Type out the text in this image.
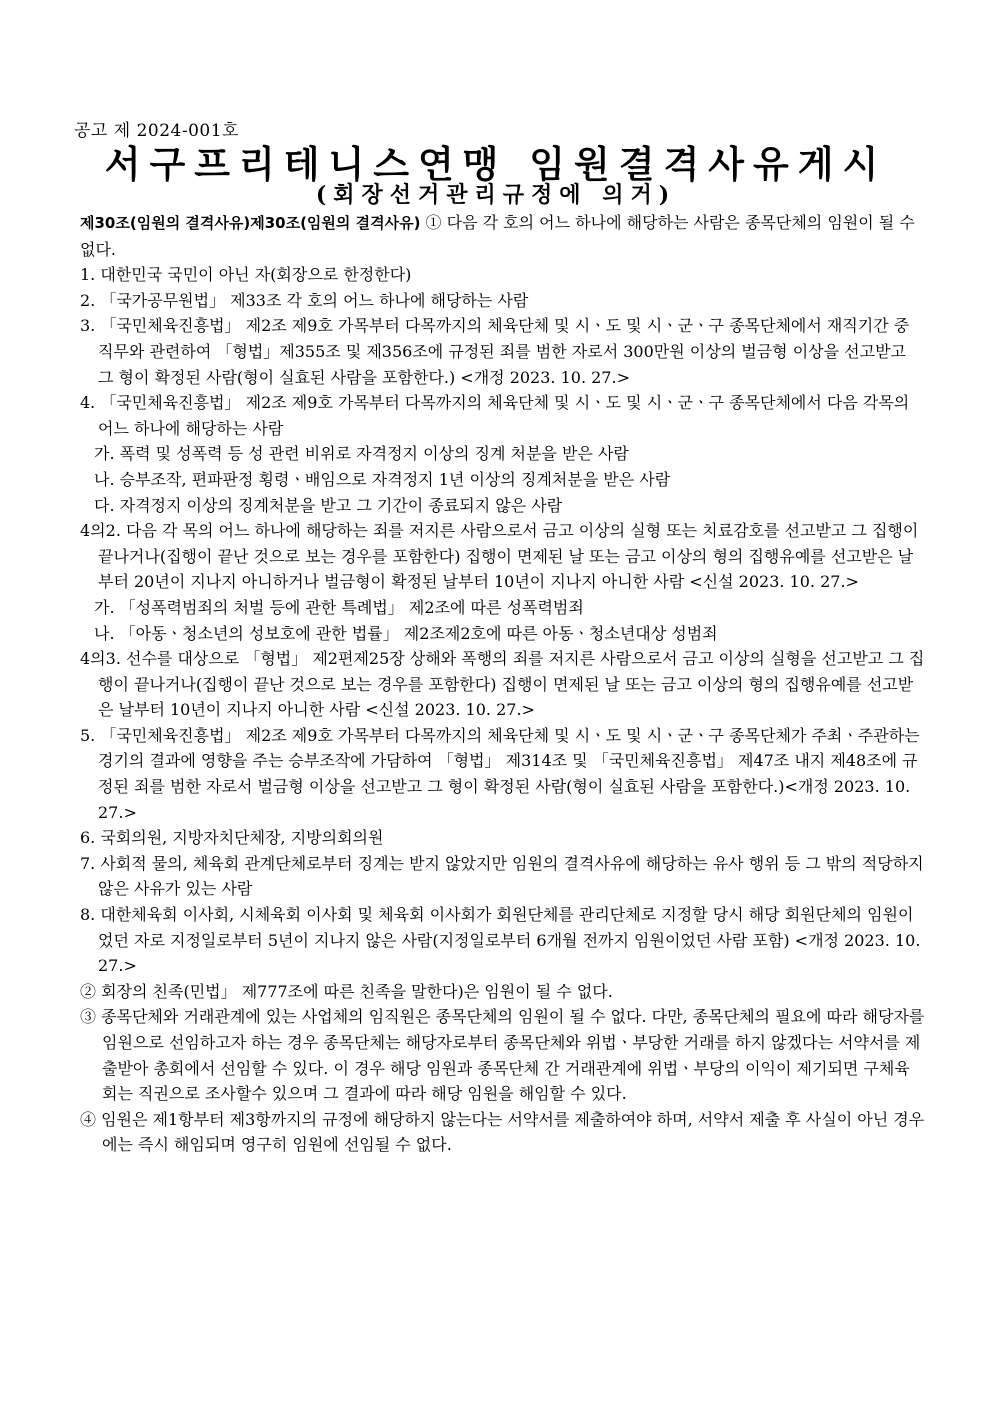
공고 제 2024-001호
서구프리테니스연맹 임원결격사유게시
(회장선거관리규정에 의거)

제30조(임원의 결격사유)제30조(임원의 결격사유) ① 다음 각 호의 어느 하나에 해당하는 사람은 종목단체의 임원이 될 수 없다.

1. 대한민국 국민이 아닌 자(회장으로 한정한다)

2. 「국가공무원법」 제33조 각 호의 어느 하나에 해당하는 사람

3. 「국민체육진흥법」 제2조 제9호 가목부터 다목까지의 체육단체 및 시ㆍ도 및 시ㆍ군ㆍ구 종목단체에서 재직기간 중 직무와 관련하여 「형법」제355조 및 제356조에 규정된 죄를 범한 자로서 300만원 이상의 벌금형 이상을 선고받고 그 형이 확정된 사람(형이 실효된 사람을 포함한다.) <개정 2023. 10. 27.>

4. 「국민체육진흥법」 제2조 제9호 가목부터 다목까지의 체육단체 및 시ㆍ도 및 시ㆍ군ㆍ구 종목단체에서 다음 각목의 어느 하나에 해당하는 사람

가. 폭력 및 성폭력 등 성 관련 비위로 자격정지 이상의 징계 처분을 받은 사람

나. 승부조작, 편파판정 횡령ㆍ배임으로 자격정지 1년 이상의 징계처분을 받은 사람

다. 자격정지 이상의 징계처분을 받고 그 기간이 종료되지 않은 사람

4의2. 다음 각 목의 어느 하나에 해당하는 죄를 저지른 사람으로서 금고 이상의 실형 또는 치료감호를 선고받고 그 집행이 끝나거나(집행이 끝난 것으로 보는 경우를 포함한다) 집행이 면제된 날 또는 금고 이상의 형의 집행유예를 선고받은 날부터 20년이 지나지 아니하거나 벌금형이 확정된 날부터 10년이 지나지 아니한 사람 <신설 2023. 10. 27.>

가. 「성폭력범죄의 처벌 등에 관한 특례법」 제2조에 따른 성폭력범죄

나. 「아동ㆍ청소년의 성보호에 관한 법률」 제2조제2호에 따른 아동ㆍ청소년대상 성범죄

4의3. 선수를 대상으로 「형법」 제2편제25장 상해와 폭행의 죄를 저지른 사람으로서 금고 이상의 실형을 선고받고 그 집행이 끝나거나(집행이 끝난 것으로 보는 경우를 포함한다) 집행이 면제된 날 또는 금고 이상의 형의 집행유예를 선고받은 날부터 10년이 지나지 아니한 사람 <신설 2023. 10. 27.>

5. 「국민체육진흥법」 제2조 제9호 가목부터 다목까지의 체육단체 및 시ㆍ도 및 시ㆍ군ㆍ구 종목단체가 주최ㆍ주관하는 경기의 결과에 영향을 주는 승부조작에 가담하여 「형법」 제314조 및 「국민체육진흥법」 제47조 내지 제48조에 규정된 죄를 범한 자로서 벌금형 이상을 선고받고 그 형이 확정된 사람(형이 실효된 사람을 포함한다.)<개정 2023. 10. 27.>

6. 국회의원, 지방자치단체장, 지방의회의원

7. 사회적 물의, 체육회 관계단체로부터 징계는 받지 않았지만 임원의 결격사유에 해당하는 유사 행위 등 그 밖의 적당하지 않은 사유가 있는 사람

8. 대한체육회 이사회, 시체육회 이사회 및 체육회 이사회가 회원단체를 관리단체로 지정할 당시 해당 회원단체의 임원이었던 자로 지정일로부터 5년이 지나지 않은 사람(지정일로부터 6개월 전까지 임원이었던 사람 포함) <개정 2023. 10. 27.>

② 회장의 친족(민법」 제777조에 따른 친족을 말한다)은 임원이 될 수 없다.

③ 종목단체와 거래관계에 있는 사업체의 임직원은 종목단체의 임원이 될 수 없다. 다만, 종목단체의 필요에 따라 해당자를 임원으로 선임하고자 하는 경우 종목단체는 해당자로부터 종목단체와 위법ㆍ부당한 거래를 하지 않겠다는 서약서를 제출받아 총회에서 선임할 수 있다. 이 경우 해당 임원과 종목단체 간 거래관계에 위법ㆍ부당의 이익이 제기되면 구체육회는 직권으로 조사할수 있으며 그 결과에 따라 해당 임원을 해임할 수 있다.

④ 임원은 제1항부터 제3항까지의 규정에 해당하지 않는다는 서약서를 제출하여야 하며, 서약서 제출 후 사실이 아닌 경우에는 즉시 해임되며 영구히 임원에 선임될 수 없다.
